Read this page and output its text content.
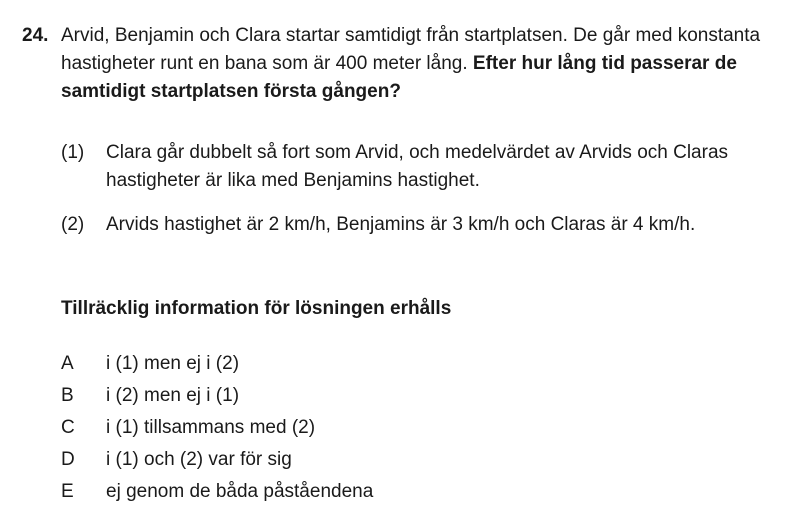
24. Arvid, Benjamin och Clara startar samtidigt från startplatsen. De går med konstanta hastigheter runt en bana som är 400 meter lång. Efter hur lång tid passerar de samtidigt startplatsen första gången?
(1) Clara går dubbelt så fort som Arvid, och medelvärdet av Arvids och Claras hastigheter är lika med Benjamins hastighet.
(2) Arvids hastighet är 2 km/h, Benjamins är 3 km/h och Claras är 4 km/h.
Tillräcklig information för lösningen erhålls
A i (1) men ej i (2)
B i (2) men ej i (1)
C i (1) tillsammans med (2)
D i (1) och (2) var för sig
E ej genom de båda påståendena
